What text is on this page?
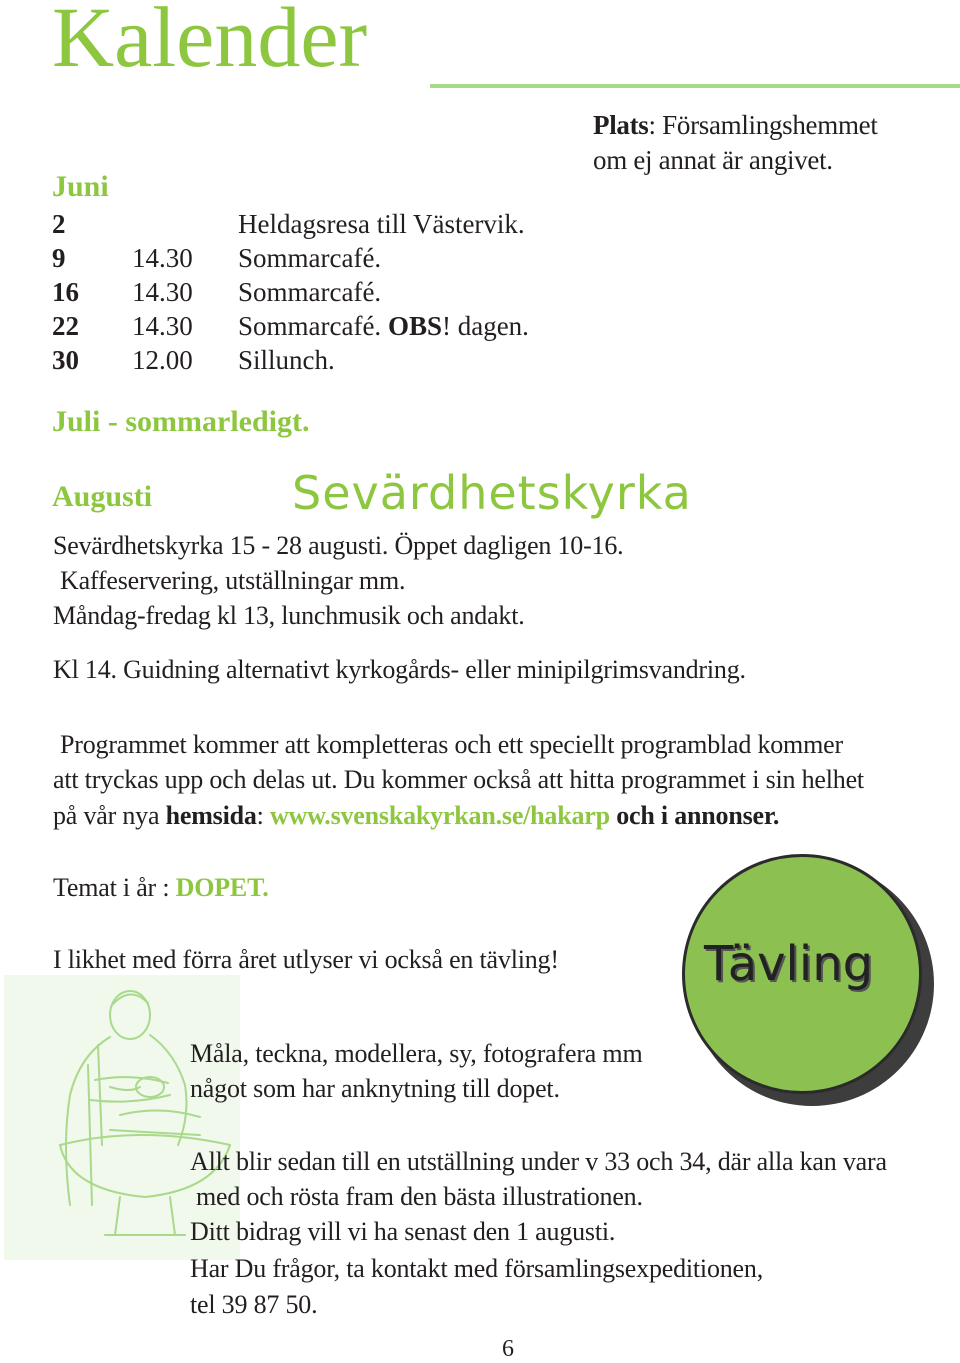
Kalender
Plats: Församlingshemmet
om ej annat är angivet.
Juni
2	Heldagsresa till Västervik.
9 14.30 Sommarcafé.
16 14.30 Sommarcafé.
22 14.30 Sommarcafé. OBS! dagen.
30 12.00 Sillunch.
Juli - sommarledigt.
Augusti	Sevärdhetskyrka
Sevärdhetskyrka 15 - 28 augusti. Öppet dagligen 10-16.
Kaffeservering, utställningar mm.
Måndag-fredag kl 13, lunchmusik och andakt.
Kl 14. Guidning alternativt kyrkogårds- eller minipilgrimsvandring.
Programmet kommer att kompletteras och ett speciellt programblad kommer
att tryckas upp och delas ut. Du kommer också att hitta programmet i sin helhet
på vår nya hemsida: www.svenskakyrkan.se/hakarp och i annonser.
Temat i år : DOPET.
I likhet med förra året utlyser vi också en tävling!	Tävling
Måla, teckna, modellera, sy, fotografera mm
något som har anknytning till dopet.
Allt blir sedan till en utställning under v 33 och 34, där alla kan vara
med och rösta fram den bästa illustrationen.
Ditt bidrag vill vi ha senast den 1 augusti.
Har Du frågor, ta kontakt med församlingsexpeditionen,
tel 39 87 50.
6
